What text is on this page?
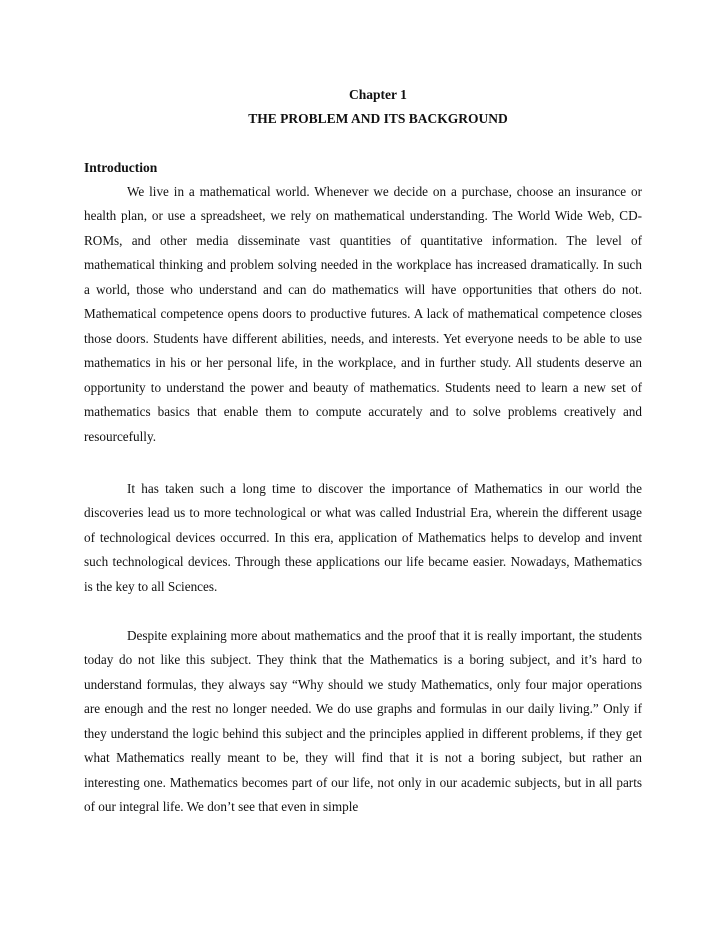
Chapter 1

THE PROBLEM AND ITS BACKGROUND

Introduction

We live in a mathematical world. Whenever we decide on a purchase, choose an insurance or health plan, or use a spreadsheet, we rely on mathematical understanding. The World Wide Web, CD-ROMs, and other media disseminate vast quantities of quantitative information. The level of mathematical thinking and problem solving needed in the workplace has increased dramatically. In such a world, those who understand and can do mathematics will have opportunities that others do not. Mathematical competence opens doors to productive futures. A lack of mathematical competence closes those doors. Students have different abilities, needs, and interests. Yet everyone needs to be able to use mathematics in his or her personal life, in the workplace, and in further study. All students deserve an opportunity to understand the power and beauty of mathematics. Students need to learn a new set of mathematics basics that enable them to compute accurately and to solve problems creatively and resourcefully.

It has taken such a long time to discover the importance of Mathematics in our world the discoveries lead us to more technological or what was called Industrial Era, wherein the different usage of technological devices occurred. In this era, application of Mathematics helps to develop and invent such technological devices. Through these applications our life became easier. Nowadays, Mathematics is the key to all Sciences.

Despite explaining more about mathematics and the proof that it is really important, the students today do not like this subject. They think that the Mathematics is a boring subject, and it’s hard to understand formulas, they always say “Why should we study Mathematics, only four major operations are enough and the rest no longer needed. We do use graphs and formulas in our daily living.” Only if they understand the logic behind this subject and the principles applied in different problems, if they get what Mathematics really meant to be, they will find that it is not a boring subject, but rather an interesting one. Mathematics becomes part of our life, not only in our academic subjects, but in all parts of our integral life. We don’t see that even in simple
